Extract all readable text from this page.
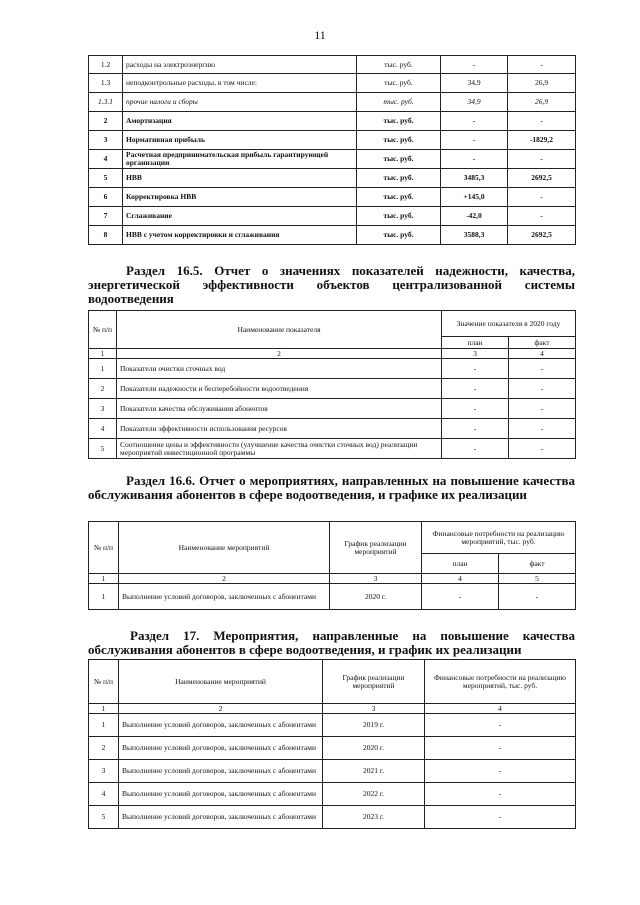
11
1.2	расходы на электроэнергию	тыс. руб.	-	-
1.3	неподконтрольные расходы, в том числе:	тыс. руб.	34,9	26,9
1.3.1	прочие налоги и сборы	тыс. руб.	34,9	26,9
2	Амортизация	тыс. руб.	-	-
3	Нормативная прибыль	тыс. руб.	-	-1829,2
4	Расчетная предпринимательская прибыль гарантирующей организации	тыс. руб.	-	-
5	НВВ	тыс. руб.	3485,3	2692,5
6	Корректировка НВВ	тыс. руб.	+145,0	-
7	Сглаживание	тыс. руб.	-42,0	-
8	НВВ с учетом корректировки и сглаживания	тыс. руб.	3588,3	2692,5

Раздел 16.5. Отчет о значениях показателей надежности, качества, энергетической эффективности объектов централизованной системы водоотведения

№ п/п	Наименование показателя	Значение показателя в 2020 году	
		план	факт
1	2	3	4
1	Показатели очистки сточных вод	-	-
2	Показатели надежности и бесперебойности водоотведения	-	-
3	Показатели качества обслуживания абонентов	-	-
4	Показатели эффективности использования ресурсов	-	-
5	Соотношение цены и эффективности (улучшение качества очистки сточных вод) реализации мероприятий инвестиционной программы	-	-

Раздел 16.6. Отчет о мероприятиях, направленных на повышение качества обслуживания абонентов в сфере водоотведения, и графике их реализации

№ п/п	Наименование мероприятий	График реализации мероприятий	Финансовые потребности на реализацию мероприятий, тыс. руб.	
			план	факт
1	2	3	4	5
1	Выполнение условий договоров, заключенных с абонентами	2020 г.	-	-

Раздел 17. Мероприятия, направленные на повышение качества обслуживания абонентов в сфере водоотведения, и график их реализации

№ п/п	Наименование мероприятий	График реализации мероприятий	Финансовые потребности на реализацию мероприятий, тыс. руб.
1	2	3	4
1	Выполнение условий договоров, заключенных с абонентами	2019 г.	-
2	Выполнение условий договоров, заключенных с абонентами	2020 г.	-
3	Выполнение условий договоров, заключенных с абонентами	2021 г.	-
4	Выполнение условий договоров, заключенных с абонентами	2022 г.	-
5	Выполнение условий договоров, заключенных с абонентами	2023 г.	-
